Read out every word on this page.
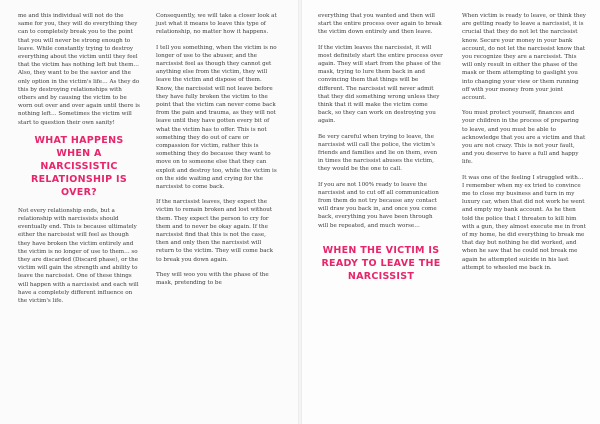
me and this individual will not do the same for you, they will do everything they can to completely break you to the point that you will never be strong enough to leave. While constantly trying to destroy everything about the victim until they feel that the victim has nothing left but them… Also, they want to be the savior and the only option in the victim's life… As they do this by destroying relationships with others and by causing the victim to be worn out over and over again until there is nothing left… Sometimes the victim will start to question their own sanity!

WHAT HAPPENS WHEN A NARCISSISTIC RELATIONSHIP IS OVER?

Not every relationship ends, but a relationship with narcissists should eventually end. This is because ultimately either the narcissist will feel as though they have broken the victim entirely and the victim is no longer of use to them… so they are discarded (Discard phase), or the victim will gain the strength and ability to leave the narcissist. One of these things will happen with a narcissist and each will have a completely different influence on the victim's life.

Consequently, we will take a closer look at just what it means to leave this type of relationship, no matter how it happens.

I tell you something, when the victim is no longer of use to the abuser, and the narcissist feel as though they cannot get anything else from the victim, they will leave the victim and dispose of them. Know, the narcissist will not leave before they have fully broken the victim to the point that the victim can never come back from the pain and trauma, as they will not leave until they have gotten every bit of what the victim has to offer. This is not something they do out of care or compassion for victim, rather this is something they do because they want to move on to someone else that they can exploit and destroy too, while the victim is on the side waiting and crying for the narcissist to come back.

If the narcissist leaves, they expect the victim to remain broken and lost without them. They expect the person to cry for them and to never be okay again. If the narcissist find that this is not the case, then and only then the narcissist will return to the victim. They will come back to break you down again.

They will woo you with the phase of the mask, pretending to be

everything that you wanted and then will start the entire process over again to break the victim down entirely and then leave.

If the victim leaves the narcissist, it will most definitely start the entire process over again. They will start from the phase of the mask, trying to lure them back in and convincing them that things will be different. The narcissist will never admit that they did something wrong unless they think that it will make the victim come back, so they can work on destroying you again.

Be very careful when trying to leave, the narcissist will call the police, the victim's friends and families and lie on them, even in times the narcissist abuses the victim, they would be the one to call.

If you are not 100% ready to leave the narcissist and to cut off all communication from them do not try because any contact will draw you back in, and once you come back, everything you have been through will be repeated, and much worse…

WHEN THE VICTIM IS READY TO LEAVE THE NARCISSIST

When victim is ready to leave, or think they are getting ready to leave a narcissist, it is crucial that they do not let the narcissist know. Secure your money in your bank account, do not let the narcissist know that you recognize they are a narcissist. This will only result in either the phase of the mask or them attempting to gaslight you into changing your view or them running off with your money from your joint account.

You must protect yourself, finances and your children in the process of preparing to leave, and you must be able to acknowledge that you are a victim and that you are not crazy. This is not your fault, and you deserve to have a full and happy life.

It was one of the feeling I struggled with… I remember when my ex tried to convince me to close my business and turn in my luxury car, when that did not work he went and empty my bank account. As he then told the police that I threaten to kill him with a gun, they almost execute me in front of my home, he did everything to break me that day but nothing he did worked, and when he saw that he could not break me again he attempted suicide in his last attempt to wheeled me back in.
